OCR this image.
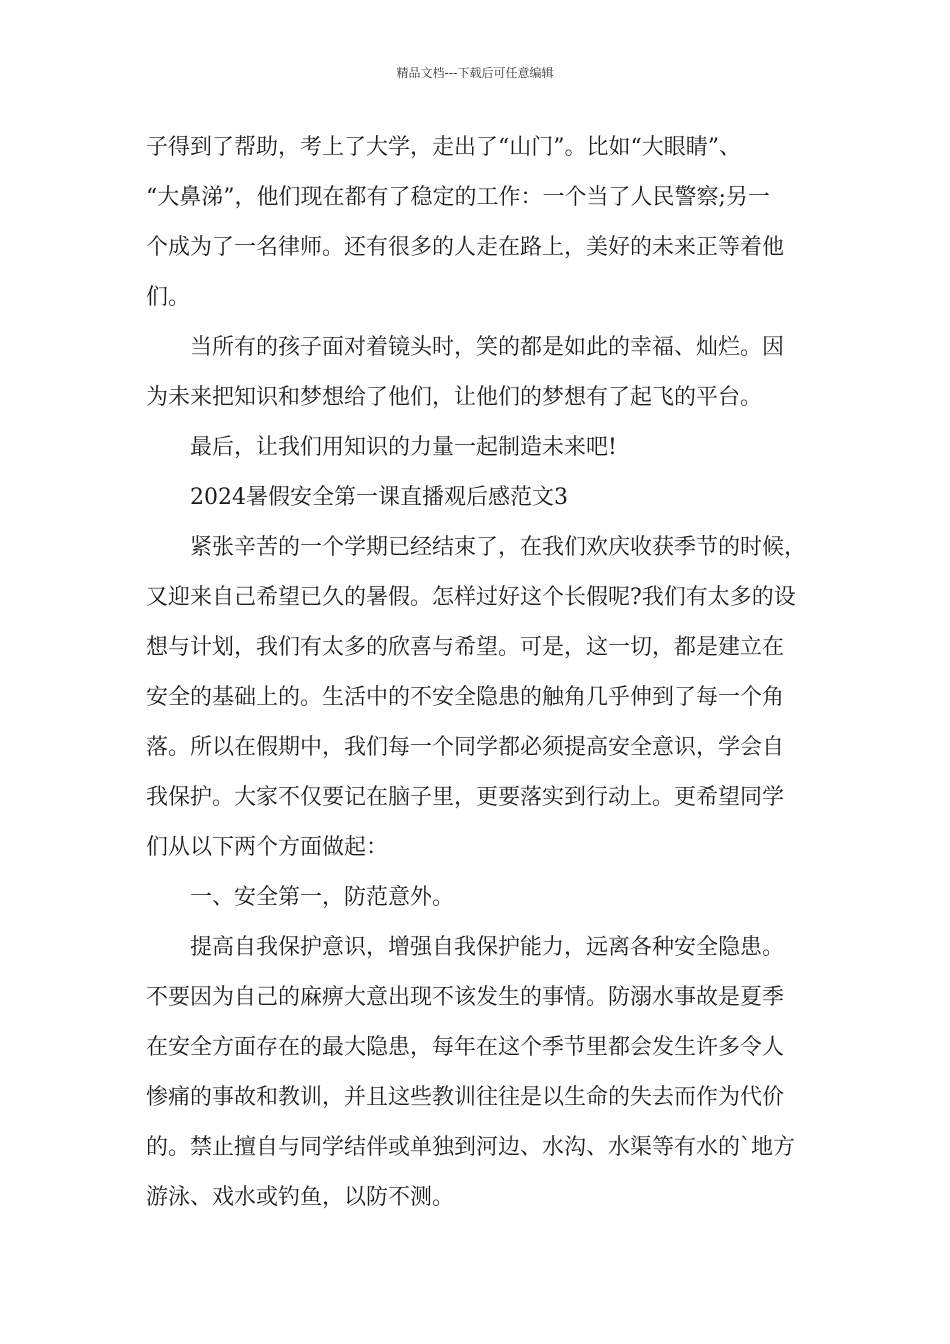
精品文档---下载后可任意编辑
子得到了帮助，考上了大学，走出了“山门”。比如“大眼睛”、
“大鼻涕”，他们现在都有了稳定的工作：一个当了人民警察;另一
个成为了一名律师。还有很多的人走在路上，美好的未来正等着他
们。
当所有的孩子面对着镜头时，笑的都是如此的幸福、灿烂。因
为未来把知识和梦想给了他们，让他们的梦想有了起飞的平台。
最后，让我们用知识的力量一起制造未来吧!
2024暑假安全第一课直播观后感范文3
紧张辛苦的一个学期已经结束了，在我们欢庆收获季节的时候，
又迎来自己希望已久的暑假。怎样过好这个长假呢?我们有太多的设
想与计划，我们有太多的欣喜与希望。可是，这一切，都是建立在
安全的基础上的。生活中的不安全隐患的触角几乎伸到了每一个角
落。所以在假期中，我们每一个同学都必须提高安全意识，学会自
我保护。大家不仅要记在脑子里，更要落实到行动上。更希望同学
们从以下两个方面做起：
一、安全第一，防范意外。
提高自我保护意识，增强自我保护能力，远离各种安全隐患。
不要因为自己的麻痹大意出现不该发生的事情。防溺水事故是夏季
在安全方面存在的最大隐患，每年在这个季节里都会发生许多令人
惨痛的事故和教训，并且这些教训往往是以生命的失去而作为代价
的。禁止擅自与同学结伴或单独到河边、水沟、水渠等有水的`地方
游泳、戏水或钓鱼，以防不测。
